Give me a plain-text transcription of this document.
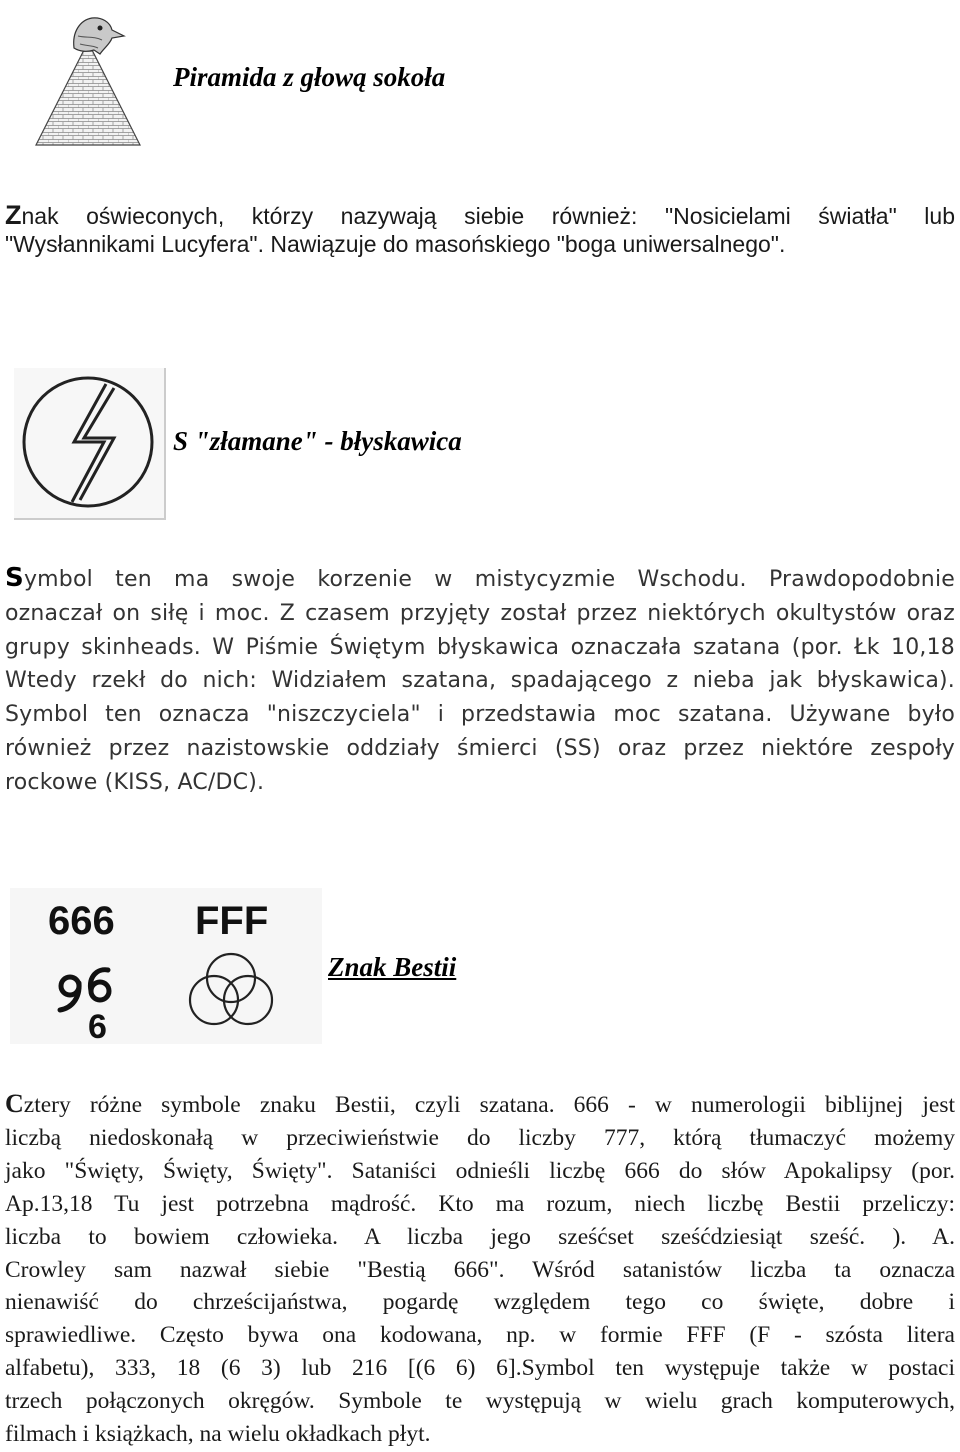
Piramida z głową sokoła
Znak oświeconych, którzy nazywają siebie również: "Nosicielami światła" lub
"Wysłannikami Lucyfera". Nawiązuje do masońskiego "boga uniwersalnego".
S "złamane" - błyskawica
Symbol ten ma swoje korzenie w mistycyzmie Wschodu. Prawdopodobnie
oznaczał on siłę i moc. Z czasem przyjęty został przez niektórych okultystów oraz
grupy skinheads. W Piśmie Świętym błyskawica oznaczała szatana (por. Łk 10,18
Wtedy rzekł do nich: Widziałem szatana, spadającego z nieba jak błyskawica).
Symbol ten oznacza "niszczyciela" i przedstawia moc szatana. Używane było
również przez nazistowskie oddziały śmierci (SS) oraz przez niektóre zespoły
rockowe (KISS, AC/DC).
666 FFF
6
Znak Bestii
Cztery różne symbole znaku Bestii, czyli szatana. 666 - w numerologii biblijnej jest
liczbą niedoskonałą w przeciwieństwie do liczby 777, którą tłumaczyć możemy
jako "Święty, Święty, Święty". Sataniści odnieśli liczbę 666 do słów Apokalipsy (por.
Ap.13,18 Tu jest potrzebna mądrość. Kto ma rozum, niech liczbę Bestii przeliczy:
liczba to bowiem człowieka. A liczba jego sześćset sześćdziesiąt sześć. ). A.
Crowley sam nazwał siebie "Bestią 666". Wśród satanistów liczba ta oznacza
nienawiść do chrześcijaństwa, pogardę względem tego co święte, dobre i
sprawiedliwe. Często bywa ona kodowana, np. w formie FFF (F - szósta litera
alfabetu), 333, 18 (6 3) lub 216 [(6 6) 6].Symbol ten występuje także w postaci
trzech połączonych okręgów. Symbole te występują w wielu grach komputerowych,
filmach i książkach, na wielu okładkach płyt.
